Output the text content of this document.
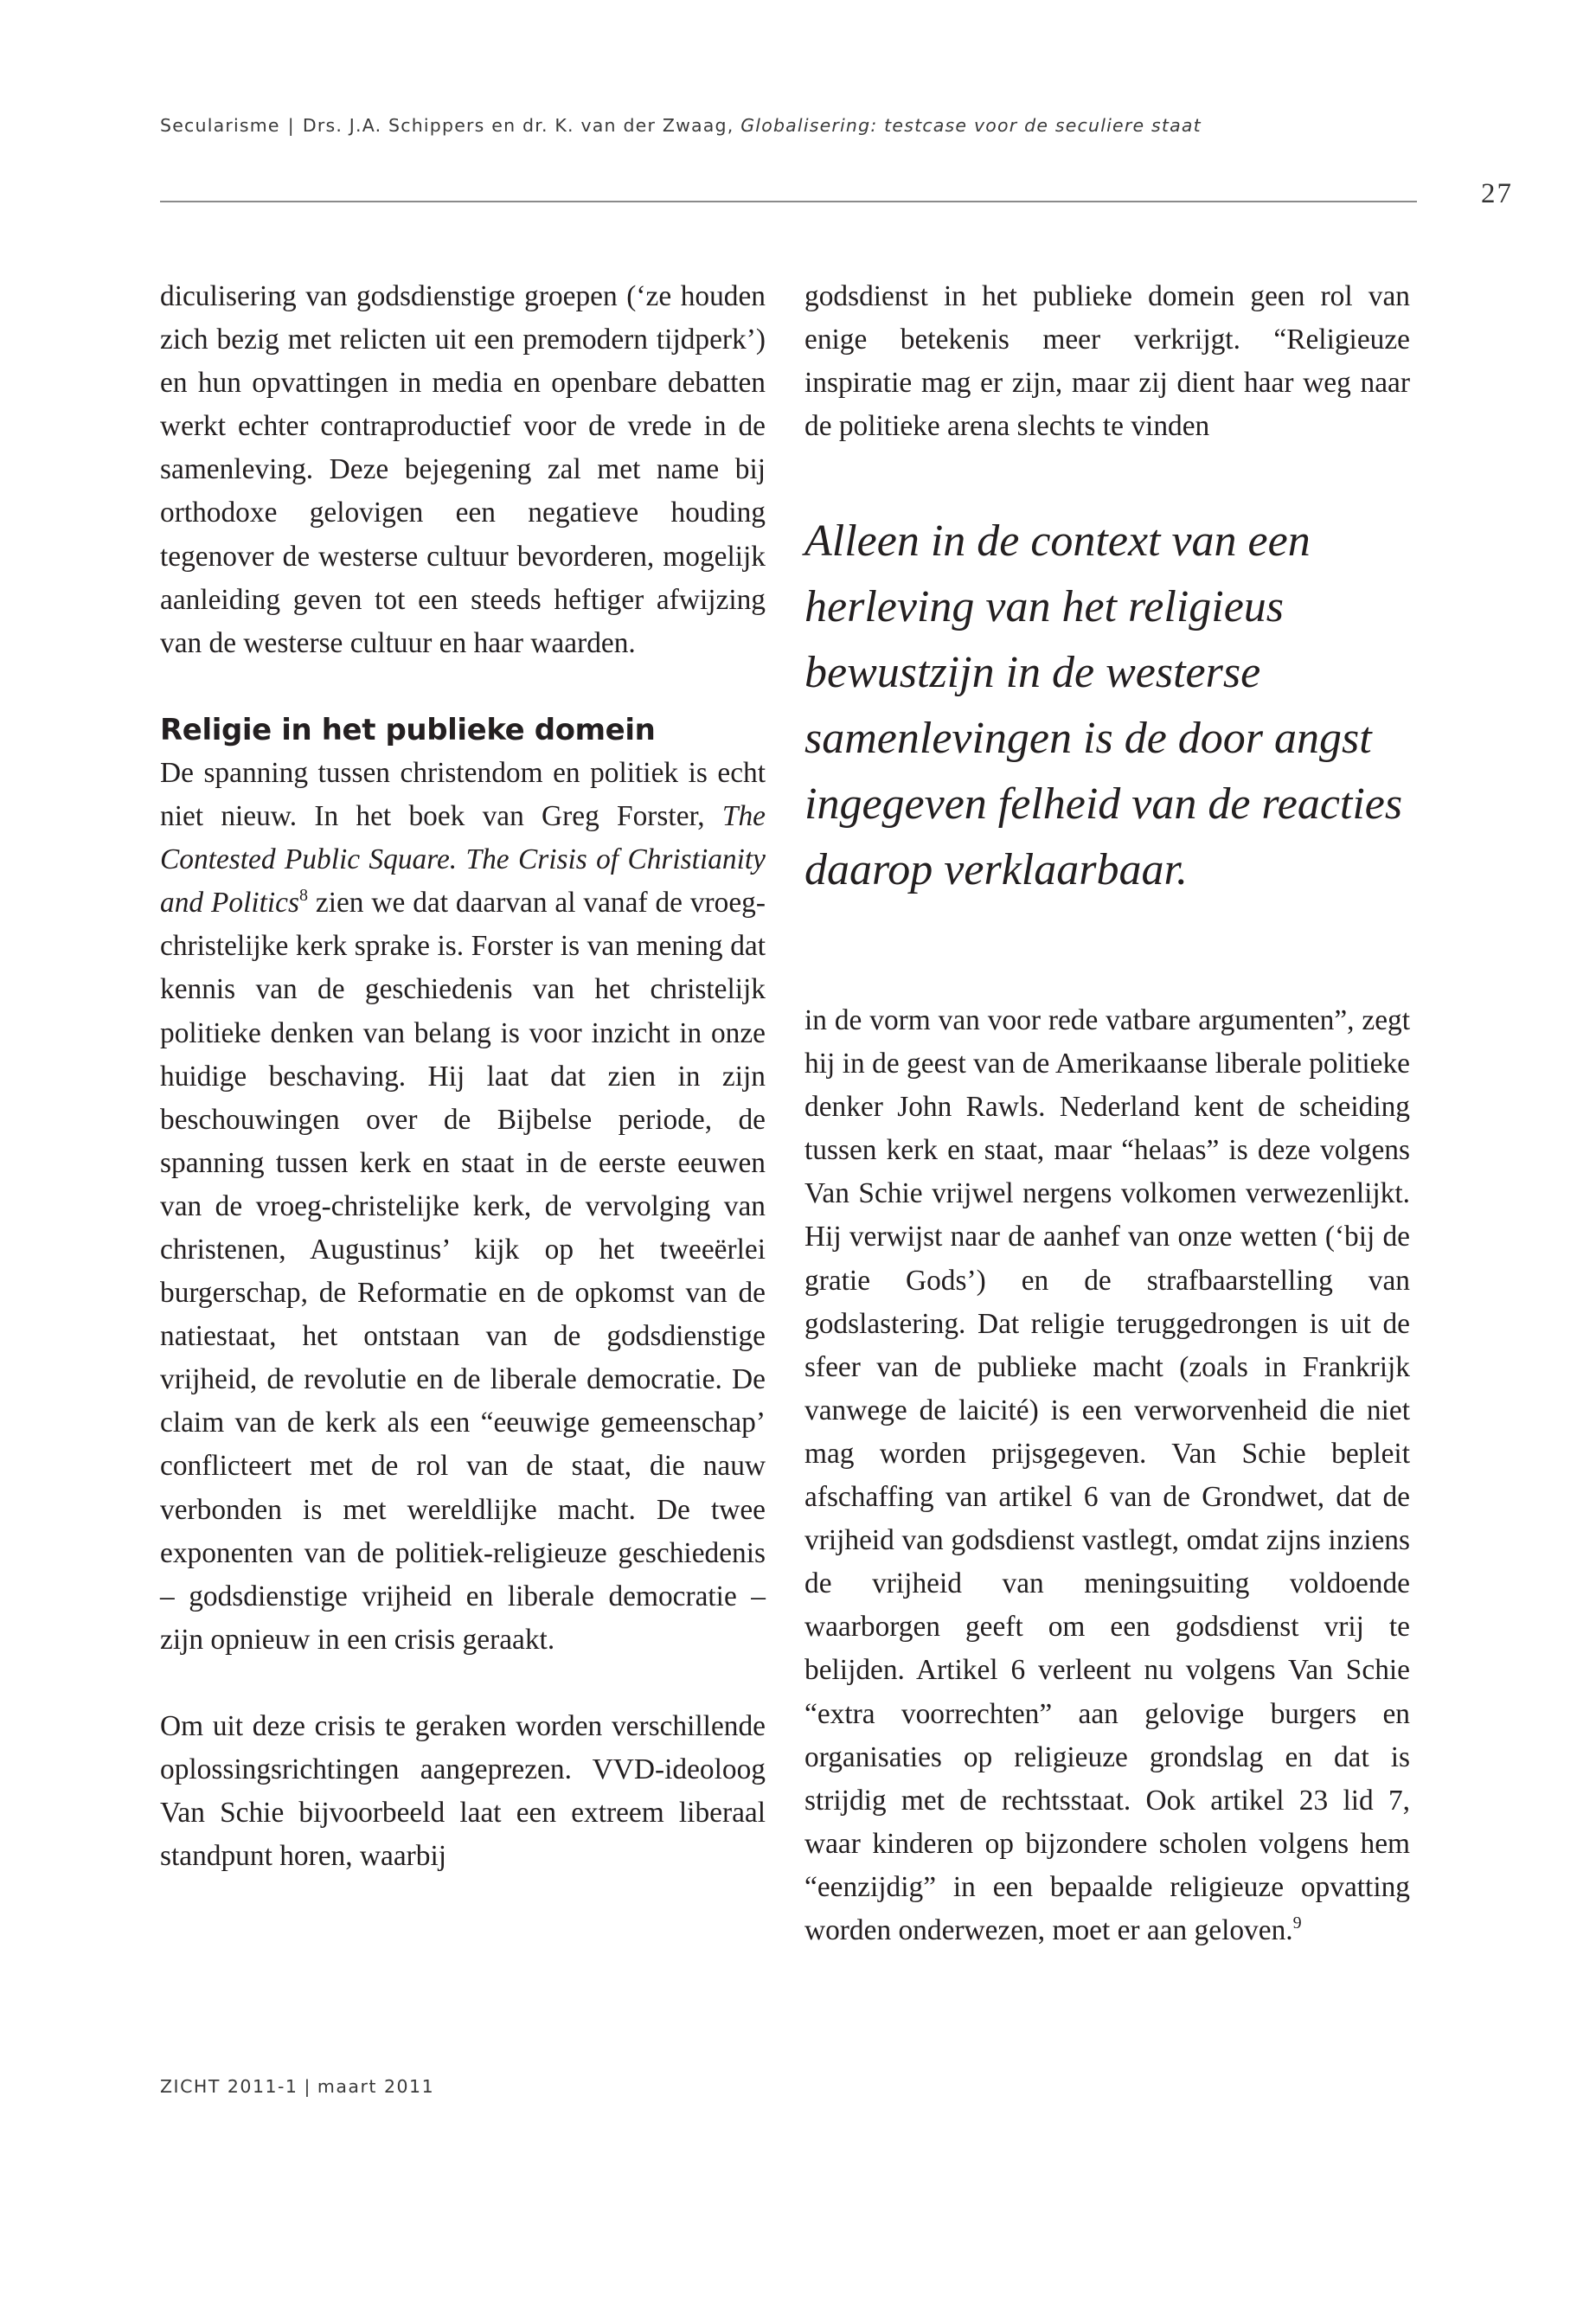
Secularisme | Drs. J.A. Schippers en dr. K. van der Zwaag, Globalisering: testcase voor de seculiere staat
27

diculisering van godsdienstige groepen (‘ze houden zich bezig met relicten uit een premodern tijdperk’) en hun opvattingen in media en openbare debatten werkt echter contraproductief voor de vrede in de samenleving. Deze bejegening zal met name bij orthodoxe gelovigen een negatieve houding tegenover de westerse cultuur bevorderen, mogelijk aanleiding geven tot een steeds heftiger afwijzing van de westerse cultuur en haar waarden.

Religie in het publieke domein

De spanning tussen christendom en politiek is echt niet nieuw. In het boek van Greg Forster, The Contested Public Square. The Crisis of Christianity and Politics$^8$ zien we dat daarvan al vanaf de vroeg-christelijke kerk sprake is. Forster is van mening dat kennis van de geschiedenis van het christelijk politieke denken van belang is voor inzicht in onze huidige beschaving. Hij laat dat zien in zijn beschouwingen over de Bijbelse periode, de spanning tussen kerk en staat in de eerste eeuwen van de vroeg-christelijke kerk, de vervolging van christenen, Augustinus’ kijk op het tweeërlei burgerschap, de Reformatie en de opkomst van de natiestaat, het ontstaan van de godsdienstige vrijheid, de revolutie en de liberale democratie. De claim van de kerk als een “eeuwige gemeenschap’ conflicteert met de rol van de staat, die nauw verbonden is met wereldlijke macht. De twee exponenten van de politiek-religieuze geschiedenis – godsdienstige vrijheid en liberale democratie – zijn opnieuw in een crisis geraakt.

Om uit deze crisis te geraken worden verschillende oplossingsrichtingen aangeprezen. VVD-ideoloog Van Schie bijvoorbeeld laat een extreem liberaal standpunt horen, waarbij

godsdienst in het publieke domein geen rol van enige betekenis meer verkrijgt. “Religieuze inspiratie mag er zijn, maar zij dient haar weg naar de politieke arena slechts te vinden

Alleen in de context van een
herleving van het religieus
bewustzijn in de westerse
samenlevingen is de door angst
ingegeven felheid van de reacties
daarop verklaarbaar.

in de vorm van voor rede vatbare argumenten”, zegt hij in de geest van de Amerikaanse liberale politieke denker John Rawls. Nederland kent de scheiding tussen kerk en staat, maar “helaas” is deze volgens Van Schie vrijwel nergens volkomen verwezenlijkt. Hij verwijst naar de aanhef van onze wetten (‘bij de gratie Gods’) en de strafbaarstelling van godslastering. Dat religie teruggedrongen is uit de sfeer van de publieke macht (zoals in Frankrijk vanwege de laicité) is een verworvenheid die niet mag worden prijsgegeven. Van Schie bepleit afschaffing van artikel 6 van de Grondwet, dat de vrijheid van godsdienst vastlegt, omdat zijns inziens de vrijheid van meningsuiting voldoende waarborgen geeft om een godsdienst vrij te belijden. Artikel 6 verleent nu volgens Van Schie “extra voorrechten” aan gelovige burgers en organisaties op religieuze grondslag en dat is strijdig met de rechtsstaat. Ook artikel 23 lid 7, waar kinderen op bijzondere scholen volgens hem “eenzijdig” in een bepaalde religieuze opvatting worden onderwezen, moet er aan geloven.$^9$

ZICHT 2011-1 | maart 2011
